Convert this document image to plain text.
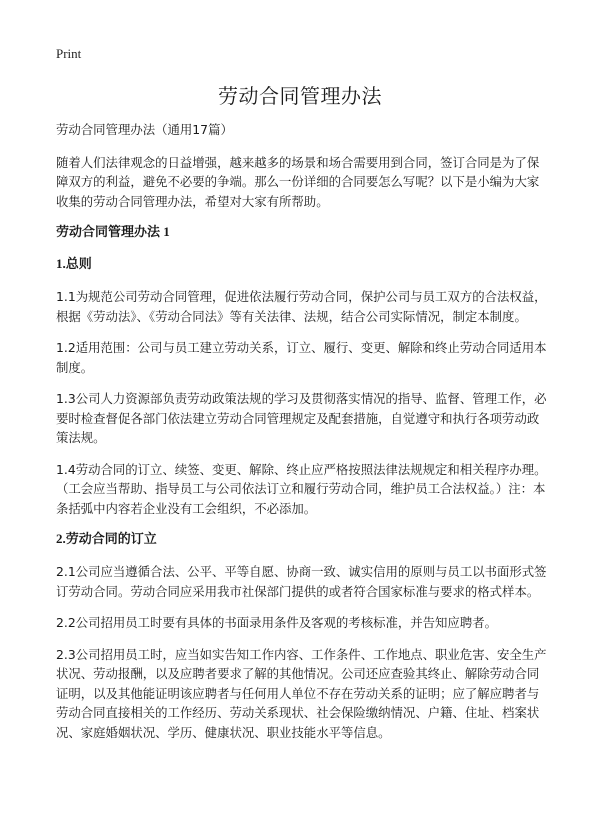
Print
劳动合同管理办法

劳动合同管理办法（通用17篇）

随着人们法律观念的日益增强，越来越多的场景和场合需要用到合同，签订合同是为了保障双方的利益，避免不必要的争端。那么一份详细的合同要怎么写呢？以下是小编为大家收集的劳动合同管理办法，希望对大家有所帮助。

劳动合同管理办法 1
1.总则

1.1为规范公司劳动合同管理，促进依法履行劳动合同，保护公司与员工双方的合法权益，根据《劳动法》、《劳动合同法》等有关法律、法规，结合公司实际情况，制定本制度。

1.2适用范围：公司与员工建立劳动关系，订立、履行、变更、解除和终止劳动合同适用本制度。

1.3公司人力资源部负责劳动政策法规的学习及贯彻落实情况的指导、监督、管理工作，必要时检查督促各部门依法建立劳动合同管理规定及配套措施，自觉遵守和执行各项劳动政策法规。

1.4劳动合同的订立、续签、变更、解除、终止应严格按照法律法规规定和相关程序办理。（工会应当帮助、指导员工与公司依法订立和履行劳动合同，维护员工合法权益。）注：本条括弧中内容若企业没有工会组织，不必添加。

2.劳动合同的订立

2.1公司应当遵循合法、公平、平等自愿、协商一致、诚实信用的原则与员工以书面形式签订劳动合同。劳动合同应采用我市社保部门提供的或者符合国家标准与要求的格式样本。

2.2公司招用员工时要有具体的书面录用条件及客观的考核标准，并告知应聘者。

2.3公司招用员工时，应当如实告知工作内容、工作条件、工作地点、职业危害、安全生产状况、劳动报酬，以及应聘者要求了解的其他情况。公司还应查验其终止、解除劳动合同证明，以及其他能证明该应聘者与任何用人单位不存在劳动关系的证明；应了解应聘者与劳动合同直接相关的工作经历、劳动关系现状、社会保险缴纳情况、户籍、住址、档案状况、家庭婚姻状况、学历、健康状况、职业技能水平等信息。
